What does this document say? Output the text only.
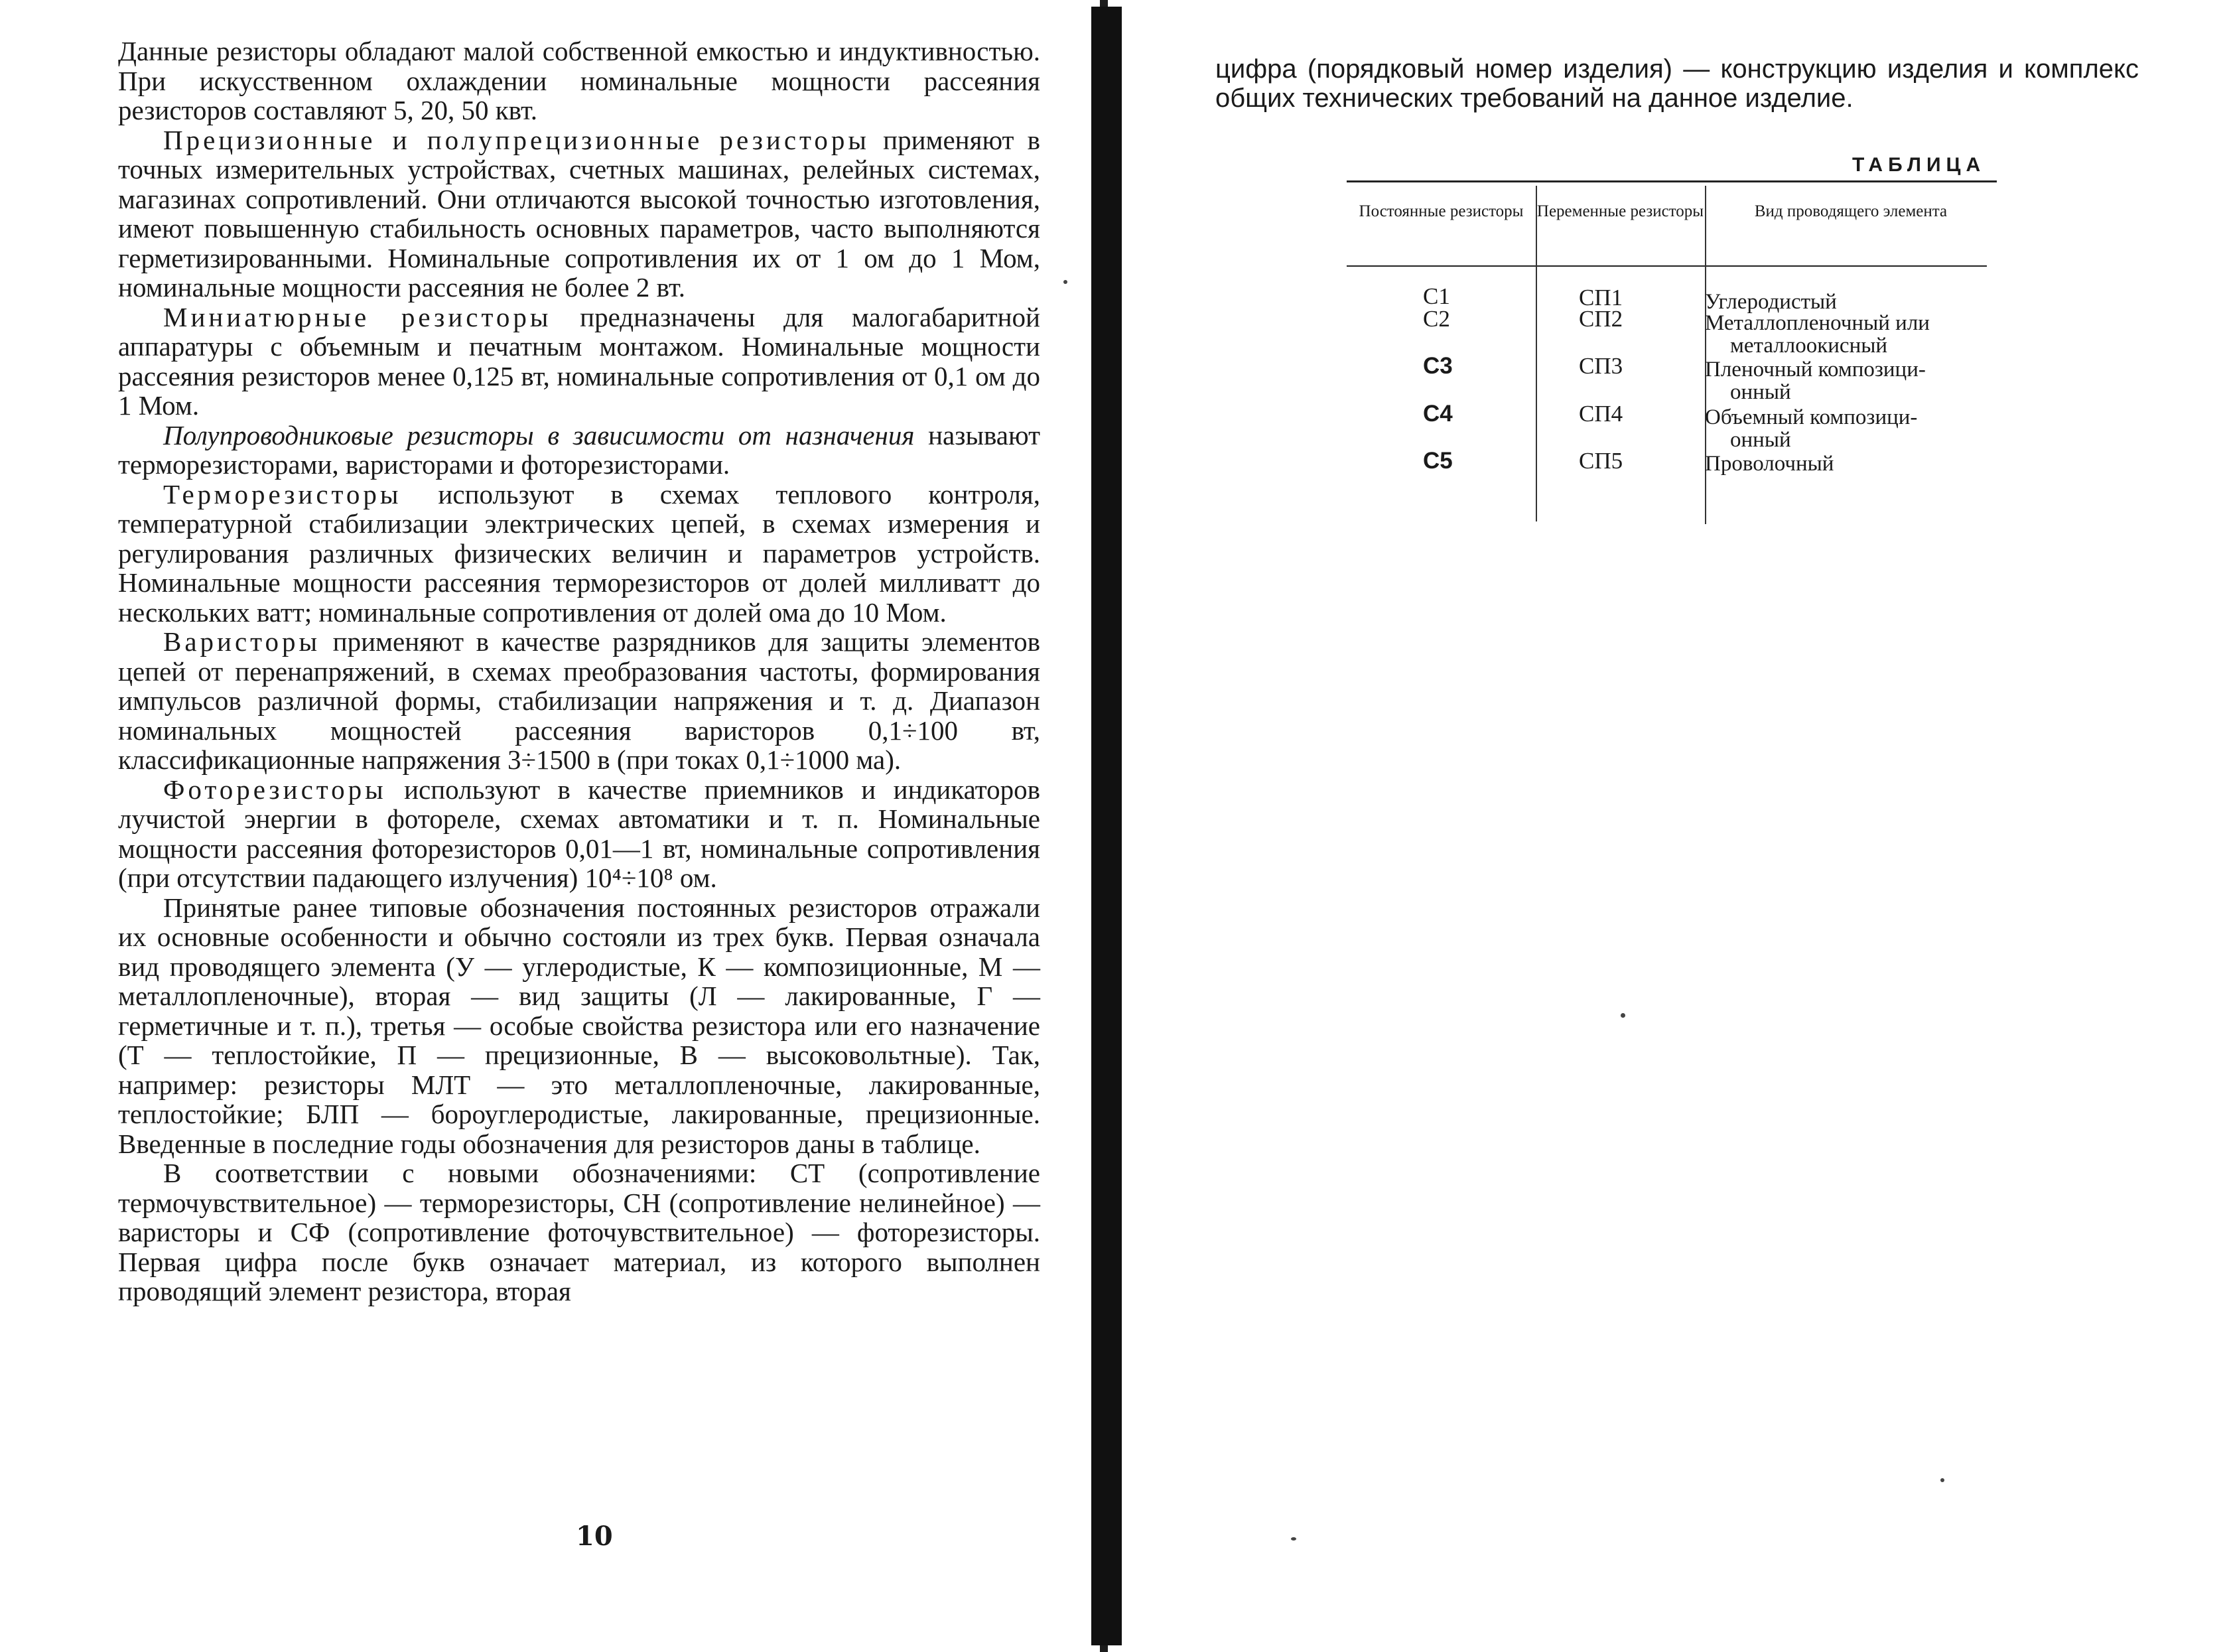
Данные резисторы обладают малой собственной емкостью и индуктивностью. При искусственном охлаждении номинальные мощности рассеяния резисторов составляют 5, 20, 50 квт.

Прецизионные и полупрецизионные резисторы применяют в точных измерительных устройствах, счетных машинах, релейных системах, магазинах сопротивлений. Они отличаются высокой точностью изготовления, имеют повышенную стабильность основных параметров, часто выполняются герметизированными. Номинальные сопротивления их от 1 ом до 1 Мом, номинальные мощности рассеяния не более 2 вт.

Миниатюрные резисторы предназначены для малогабаритной аппаратуры с объемным и печатным монтажом. Номинальные мощности рассеяния резисторов менее 0,125 вт, номинальные сопротивления от 0,1 ом до 1 Мом.

Полупроводниковые резисторы в зависимости от назначения называют терморезисторами, варисторами и фоторезисторами.

Терморезисторы используют в схемах теплового контроля, температурной стабилизации электрических цепей, в схемах измерения и регулирования различных физических величин и параметров устройств. Номинальные мощности рассеяния терморезисторов от долей милливатт до нескольких ватт; номинальные сопротивления от долей ома до 10 Мом.

Варисторы применяют в качестве разрядников для защиты элементов цепей от перенапряжений, в схемах преобразования частоты, формирования импульсов различной формы, стабилизации напряжения и т. д. Диапазон номинальных мощностей рассеяния варисторов 0,1÷100 вт, классификационные напряжения 3÷1500 в (при токах 0,1÷1000 ма).

Фоторезисторы используют в качестве приемников и индикаторов лучистой энергии в фотореле, схемах автоматики и т. п. Номинальные мощности рассеяния фоторезисторов 0,01—1 вт, номинальные сопротивления (при отсутствии падающего излучения) 10⁴÷10⁸ ом.

Принятые ранее типовые обозначения постоянных резисторов отражали их основные особенности и обычно состояли из трех букв. Первая означала вид проводящего элемента (У — углеродистые, К — композиционные, М — металлопленочные), вторая — вид защиты (Л — лакированные, Г — герметичные и т. п.), третья — особые свойства резистора или его назначение (Т — теплостойкие, П — прецизионные, В — высоковольтные). Так, например: резисторы МЛТ — это металлопленочные, лакированные, теплостойкие; БЛП — бороуглеродистые, лакированные, прецизионные. Введенные в последние годы обозначения для резисторов даны в таблице.

В соответствии с новыми обозначениями: СТ (сопротивление термочувствительное) — терморезисторы, СН (сопротивление нелинейное) — варисторы и СФ (сопротивление фоточувствительное) — фоторезисторы. Первая цифра после букв означает материал, из которого выполнен проводящий элемент резистора, вторая

10

цифра (порядковый номер изделия) — конструкцию изделия и комплекс общих технических требований на данное изделие.

ТАБЛИЦА
Постоянные резисторы Переменные резисторы	Вид проводящего элемента
С1
С2
С3
С4
С5
СП1
СП2
СП3
СП4
СП5
Углеродистый
Металлопленочный или
металлоокисный
Пленочный композици-
онный
Объемный композици-
онный
Проволочный
